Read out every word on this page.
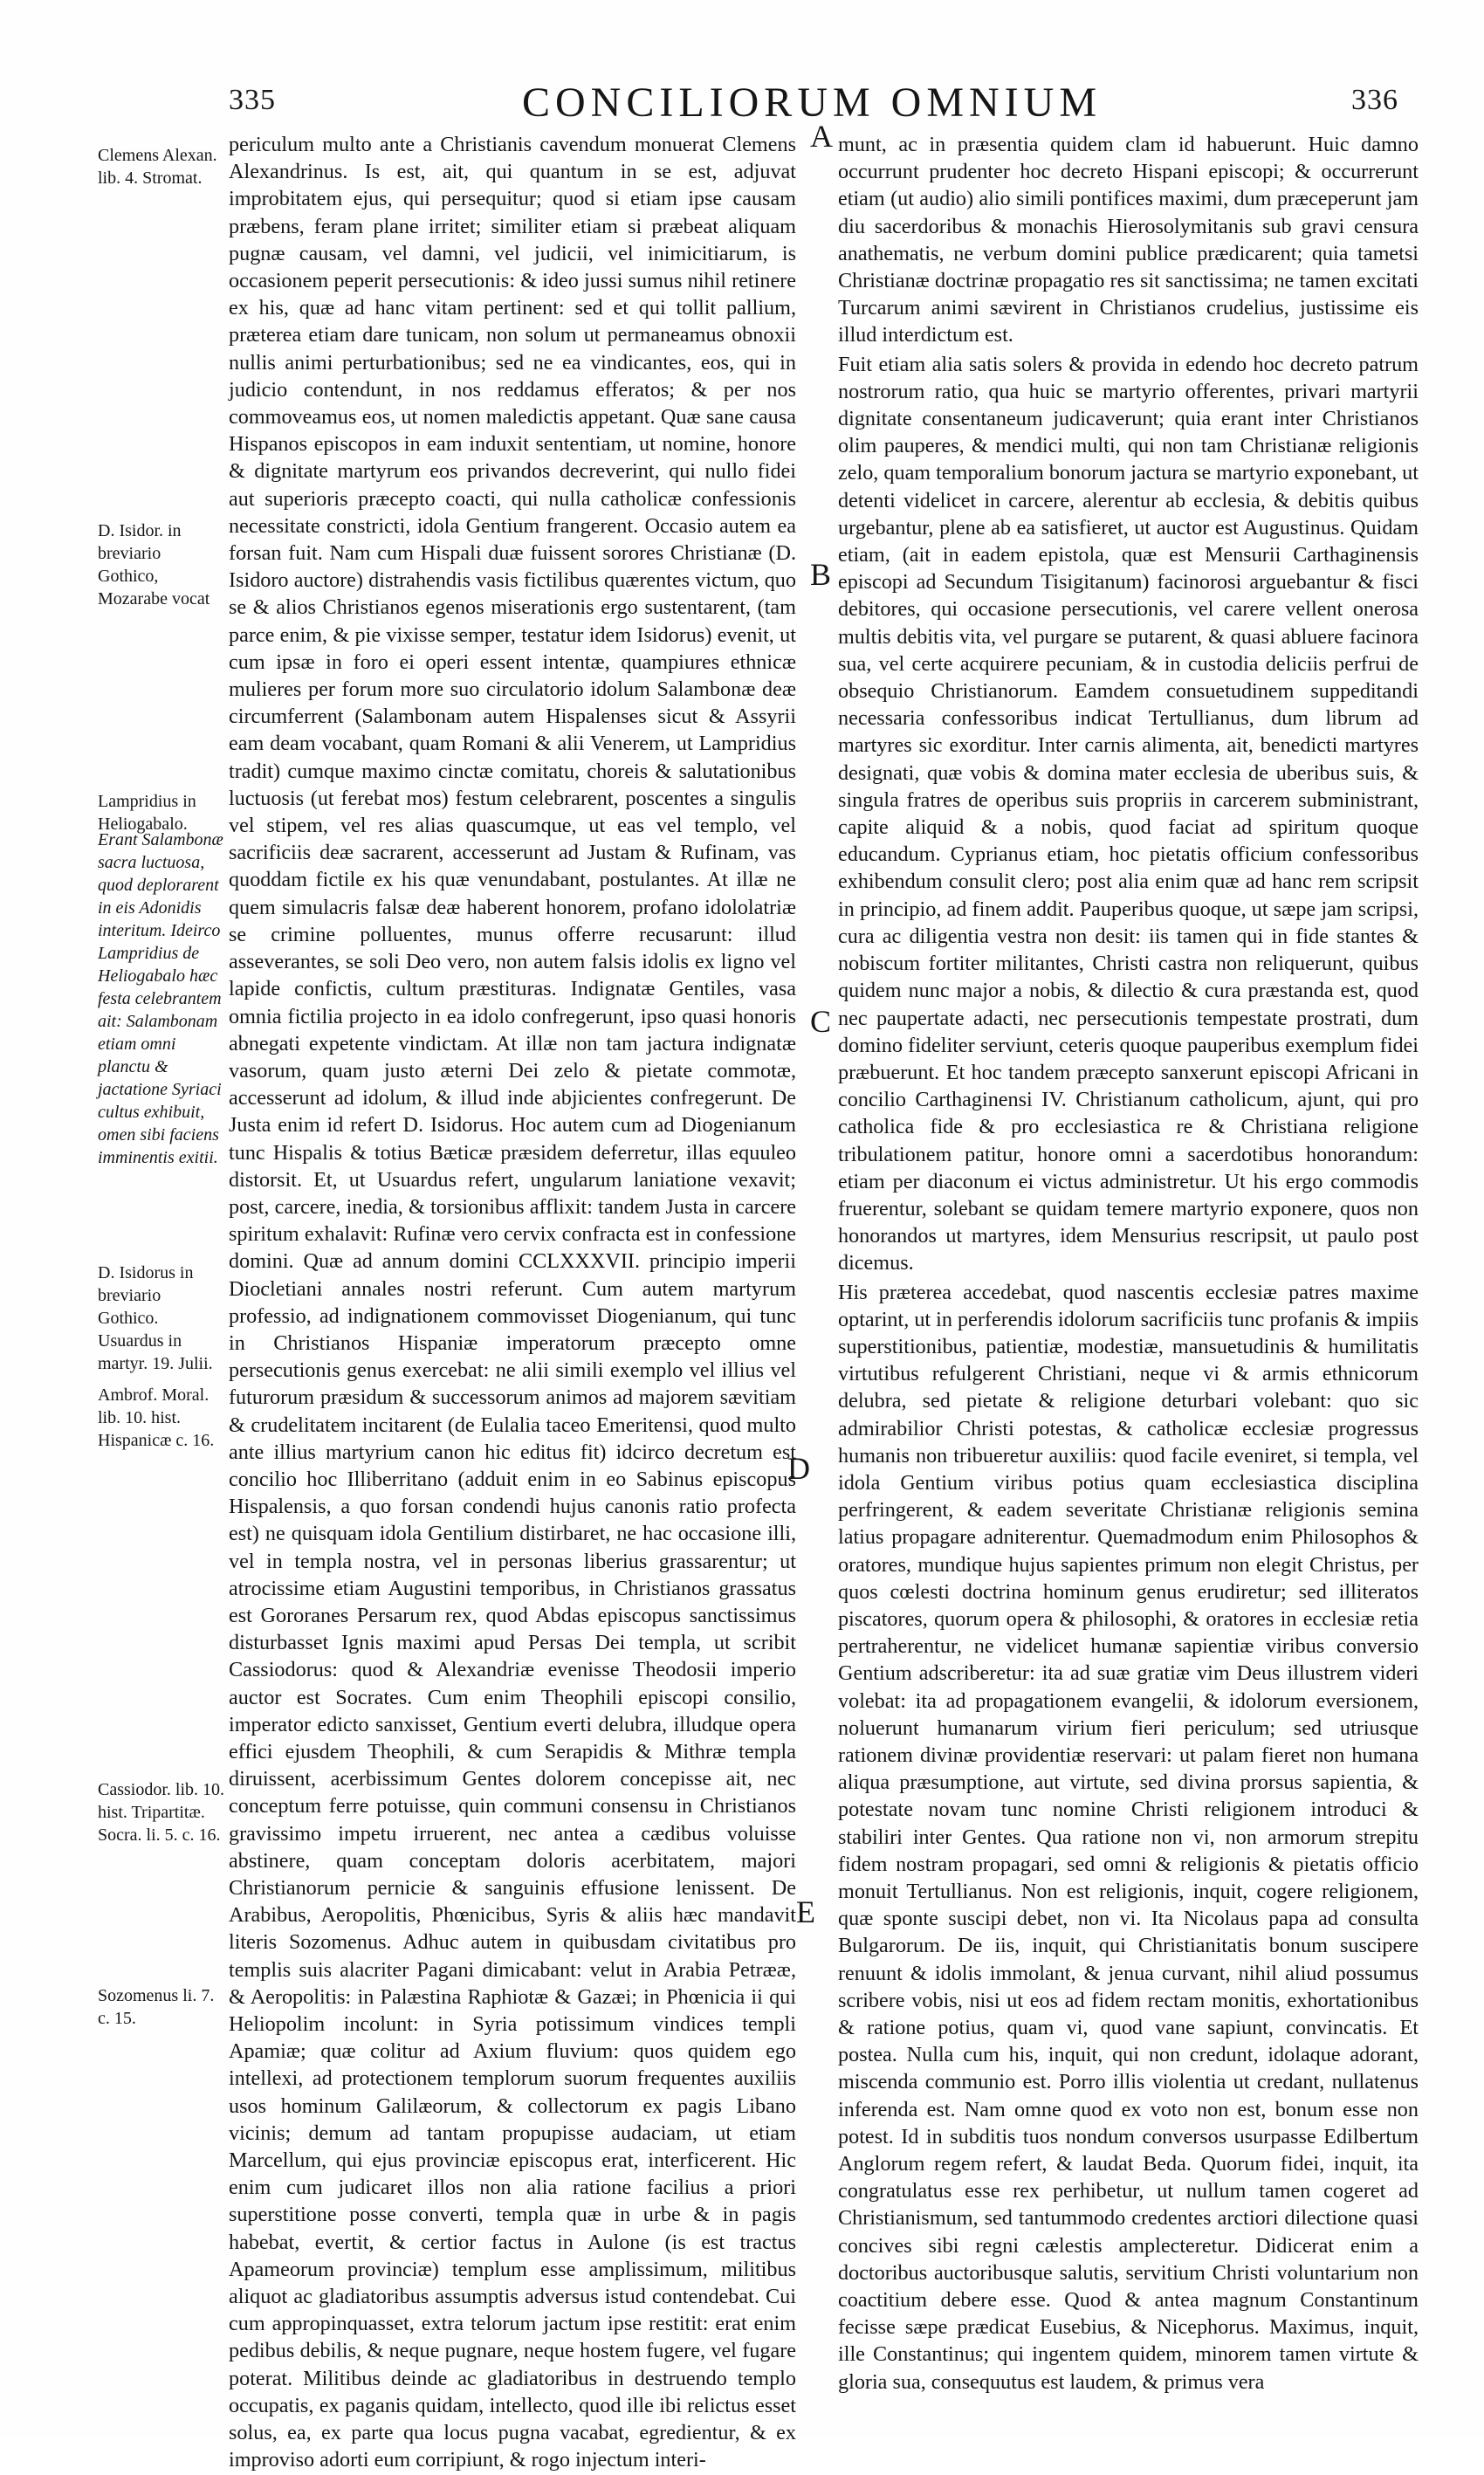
335	CONCILIORUM OMNIUM	336
Clemens Alexan. lib. 4. Stromat.
D. Isidor. in breviario Gothico, Mozarabe vocat
Lampridius in Heliogabalo.
Erant Salambonæ sacra luctuosa, quod deplorarent in eis Adonidis interitum. Ideirco Lampridius de Heliogabalo hæc festa celebrantem ait: Salambonam etiam omni planctu & jactatione Syriaci cultus exhibuit, omen sibi faciens imminentis exitii.
D. Isidorus in breviario Gothico.
Usuardus in martyr. 19. Julii.
Ambrof. Moral. lib. 10. hist. Hispanicæ c. 16.
Cassiodor. lib. 10. hist. Tripartitæ. Socra. li. 5. c. 16.
Sozomenus li. 7. c. 15.

periculum multo ante a Christianis cavendum monuerat Clemens Alexandrinus. Is est, ait, qui quantum in se est, adjuvat improbitatem ejus, qui persequitur; quod si etiam ipse causam præbens, feram plane irritet; similiter etiam si præbeat aliquam pugnæ causam, vel damni, vel judicii, vel inimicitiarum, is occasionem peperit persecutionis: & ideo jussi sumus nihil retinere ex his, quæ ad hanc vitam pertinent: sed et qui tollit pallium, præterea etiam dare tunicam, non solum ut permaneamus obnoxii nullis animi perturbationibus; sed ne ea vindicantes, eos, qui in judicio contendunt, in nos reddamus efferatos; & per nos commoveamus eos, ut nomen maledictis appetant. Quæ sane causa Hispanos episcopos in eam induxit sententiam, ut nomine, honore & dignitate martyrum eos privandos decreverint, qui nullo fidei aut superioris præcepto coacti, qui nulla catholicæ confessionis necessitate constricti, idola Gentium frangerent. Occasio autem ea forsan fuit. Nam cum Hispali duæ fuissent sorores Christianæ (D. Isidoro auctore) distrahendis vasis fictilibus quærentes victum, quo se & alios Christianos egenos miserationis ergo sustentarent, (tam parce enim, & pie vixisse semper, testatur idem Isidorus) evenit, ut cum ipsæ in foro ei operi essent intentæ, quampiures ethnicæ mulieres per forum more suo circulatorio idolum Salambonæ deæ circumferrent (Salambonam autem Hispalenses sicut & Assyrii eam deam vocabant, quam Romani & alii Venerem, ut Lampridius tradit) cumque maximo cinctæ comitatu, choreis & salutationibus luctuosis (ut ferebat mos) festum celebrarent, poscentes a singulis vel stipem, vel res alias quascumque, ut eas vel templo, vel sacrificiis deæ sacrarent, accesserunt ad Justam & Rufinam, vas quoddam fictile ex his quæ venundabant, postulantes. At illæ ne quem simulacris falsæ deæ haberent honorem, profano idololatriæ se crimine polluentes, munus offerre recusarunt: illud asseverantes, se soli Deo vero, non autem falsis idolis ex ligno vel lapide confictis, cultum præstituras. Indignatæ Gentiles, vasa omnia fictilia projecto in ea idolo confregerunt, ipso quasi honoris abnegati expetente vindictam. At illæ non tam jactura indignatæ vasorum, quam justo æterni Dei zelo & pietate commotæ, accesserunt ad idolum, & illud inde abjicientes confregerunt. De Justa enim id refert D. Isidorus. Hoc autem cum ad Diogenianum tunc Hispalis & totius Bæticæ præsidem deferretur, illas equuleo distorsit. Et, ut Usuardus refert, ungularum laniatione vexavit; post, carcere, inedia, & torsionibus afflixit: tandem Justa in carcere spiritum exhalavit: Rufinæ vero cervix confracta est in confessione domini. Quæ ad annum domini CCLXXXVII. principio imperii Diocletiani annales nostri referunt. Cum autem martyrum professio, ad indignationem commovisset Diogenianum, qui tunc in Christianos Hispaniæ imperatorum præcepto omne persecutionis genus exercebat: ne alii simili exemplo vel illius vel futurorum præsidum & successorum animos ad majorem sævitiam & crudelitatem incitarent (de Eulalia taceo Emeritensi, quod multo ante illius martyrium canon hic editus fit) idcirco decretum est concilio hoc Illiberritano (adduit enim in eo Sabinus episcopus Hispalensis, a quo forsan condendi hujus canonis ratio profecta est) ne quisquam idola Gentilium distirbaret, ne hac occasione illi, vel in templa nostra, vel in personas liberius grassarentur; ut atrocissime etiam Augustini temporibus, in Christianos grassatus est Gororanes Persarum rex, quod Abdas episcopus sanctissimus disturbasset Ignis maximi apud Persas Dei templa, ut scribit Cassiodorus: quod & Alexandriæ evenisse Theodosii imperio auctor est Socrates. Cum enim Theophili episcopi consilio, imperator edicto sanxisset, Gentium everti delubra, illudque opera effici ejusdem Theophili, & cum Serapidis & Mithræ templa diruissent, acerbissimum Gentes dolorem concepisse ait, nec conceptum ferre potuisse, quin communi consensu in Christianos gravissimo impetu irruerent, nec antea a cædibus voluisse abstinere, quam conceptam doloris acerbitatem, majori Christianorum pernicie & sanguinis effusione lenissent. De Arabibus, Aeropolitis, Phœnicibus, Syris & aliis hæc mandavit literis Sozomenus. Adhuc autem in quibusdam civitatibus pro templis suis alacriter Pagani dimicabant: velut in Arabia Petrææ, & Aeropolitis: in Palæstina Raphiotæ & Gazæi; in Phœnicia ii qui Heliopolim incolunt: in Syria potissimum vindices templi Apamiæ; quæ colitur ad Axium fluvium: quos quidem ego intellexi, ad protectionem templorum suorum frequentes auxiliis usos hominum Galilæorum, & collectorum ex pagis Libano vicinis; demum ad tantam propupisse audaciam, ut etiam Marcellum, qui ejus provinciæ episcopus erat, interficerent. Hic enim cum judicaret illos non alia ratione facilius a priori superstitione posse converti, templa quæ in urbe & in pagis habebat, evertit, & certior factus in Aulone (is est tractus Apameorum provinciæ) templum esse amplissimum, militibus aliquot ac gladiatoribus assumptis adversus istud contendebat. Cui cum appropinquasset, extra telorum jactum ipse restitit: erat enim pedibus debilis, & neque pugnare, neque hostem fugere, vel fugare poterat. Militibus deinde ac gladiatoribus in destruendo templo occupatis, ex paganis quidam, intellecto, quod ille ibi relictus esset solus, ea, ex parte qua locus pugna vacabat, egredientur, & ex improviso adorti eum corripiunt, & rogo injectum interi-

A
B
C
D
E

munt, ac in præsentia quidem clam id habuerunt. Huic damno occurrunt prudenter hoc decreto Hispani episcopi; & occurrerunt etiam (ut audio) alio simili pontifices maximi, dum præceperunt jam diu sacerdoribus & monachis Hierosolymitanis sub gravi censura anathematis, ne verbum domini publice prædicarent; quia tametsi Christianæ doctrinæ propagatio res sit sanctissima; ne tamen excitati Turcarum animi sævirent in Christianos crudelius, justissime eis illud interdictum est.

Fuit etiam alia satis solers & provida in edendo hoc decreto patrum nostrorum ratio, qua huic se martyrio offerentes, privari martyrii dignitate consentaneum judicaverunt; quia erant inter Christianos olim pauperes, & mendici multi, qui non tam Christianæ religionis zelo, quam temporalium bonorum jactura se martyrio exponebant, ut detenti videlicet in carcere, alerentur ab ecclesia, & debitis quibus urgebantur, plene ab ea satisfieret, ut auctor est Augustinus. Quidam etiam, (ait in eadem epistola, quæ est Mensurii Carthaginensis episcopi ad Secundum Tisigitanum) facinorosi arguebantur & fisci debitores, qui occasione persecutionis, vel carere vellent onerosa multis debitis vita, vel purgare se putarent, & quasi abluere facinora sua, vel certe acquirere pecuniam, & in custodia deliciis perfrui de obsequio Christianorum. Eamdem consuetudinem suppeditandi necessaria confessoribus indicat Tertullianus, dum librum ad martyres sic exorditur. Inter carnis alimenta, ait, benedicti martyres designati, quæ vobis & domina mater ecclesia de uberibus suis, & singula fratres de operibus suis propriis in carcerem subministrant, capite aliquid & a nobis, quod faciat ad spiritum quoque educandum. Cyprianus etiam, hoc pietatis officium confessoribus exhibendum consulit clero; post alia enim quæ ad hanc rem scripsit in principio, ad finem addit. Pauperibus quoque, ut sæpe jam scripsi, cura ac diligentia vestra non desit: iis tamen qui in fide stantes & nobiscum fortiter militantes, Christi castra non reliquerunt, quibus quidem nunc major a nobis, & dilectio & cura præstanda est, quod nec paupertate adacti, nec persecutionis tempestate prostrati, dum domino fideliter serviunt, ceteris quoque pauperibus exemplum fidei præbuerunt. Et hoc tandem præcepto sanxerunt episcopi Africani in concilio Carthaginensi IV. Christianum catholicum, ajunt, qui pro catholica fide & pro ecclesiastica re & Christiana religione tribulationem patitur, honore omni a sacerdotibus honorandum: etiam per diaconum ei victus administretur. Ut his ergo commodis fruerentur, solebant se quidam temere martyrio exponere, quos non honorandos ut martyres, idem Mensurius rescripsit, ut paulo post dicemus.

His præterea accedebat, quod nascentis ecclesiæ patres maxime optarint, ut in perferendis idolorum sacrificiis tunc profanis & impiis superstitionibus, patientiæ, modestiæ, mansuetudinis & humilitatis virtutibus refulgerent Christiani, neque vi & armis ethnicorum delubra, sed pietate & religione deturbari volebant: quo sic admirabilior Christi potestas, & catholicæ ecclesiæ progressus humanis non tribueretur auxiliis: quod facile eveniret, si templa, vel idola Gentium viribus potius quam ecclesiastica disciplina perfringerent, & eadem severitate Christianæ religionis semina latius propagare adniterentur. Quemadmodum enim Philosophos & oratores, mundique hujus sapientes primum non elegit Christus, per quos cœlesti doctrina hominum genus erudiretur; sed illiteratos piscatores, quorum opera & philosophi, & oratores in ecclesiæ retia pertraherentur, ne videlicet humanæ sapientiæ viribus conversio Gentium adscriberetur: ita ad suæ gratiæ vim Deus illustrem videri volebat: ita ad propagationem evangelii, & idolorum eversionem, noluerunt humanarum virium fieri periculum; sed utriusque rationem divinæ providentiæ reservari: ut palam fieret non humana aliqua præsumptione, aut virtute, sed divina prorsus sapientia, & potestate novam tunc nomine Christi religionem introduci & stabiliri inter Gentes. Qua ratione non vi, non armorum strepitu fidem nostram propagari, sed omni & religionis & pietatis officio monuit Tertullianus. Non est religionis, inquit, cogere religionem, quæ sponte suscipi debet, non vi. Ita Nicolaus papa ad consulta Bulgarorum. De iis, inquit, qui Christianitatis bonum suscipere renuunt & idolis immolant, & jenua curvant, nihil aliud possumus scribere vobis, nisi ut eos ad fidem rectam monitis, exhortationibus & ratione potius, quam vi, quod vane sapiunt, convincatis. Et postea. Nulla cum his, inquit, qui non credunt, idolaque adorant, miscenda communio est. Porro illis violentia ut credant, nullatenus inferenda est. Nam omne quod ex voto non est, bonum esse non potest. Id in subditis tuos nondum conversos usurpasse Edilbertum Anglorum regem refert, & laudat Beda. Quorum fidei, inquit, ita congratulatus esse rex perhibetur, ut nullum tamen cogeret ad Christianismum, sed tantummodo credentes arctiori dilectione quasi concives sibi regni cælestis amplecteretur. Didicerat enim a doctoribus auctoribusque salutis, servitium Christi voluntarium non coactitium debere esse. Quod & antea magnum Constantinum fecisse sæpe prædicat Eusebius, & Nicephorus. Maximus, inquit, ille Constantinus; qui ingentem quidem, minorem tamen virtute & gloria sua, consequutus est laudem, & primus vera
